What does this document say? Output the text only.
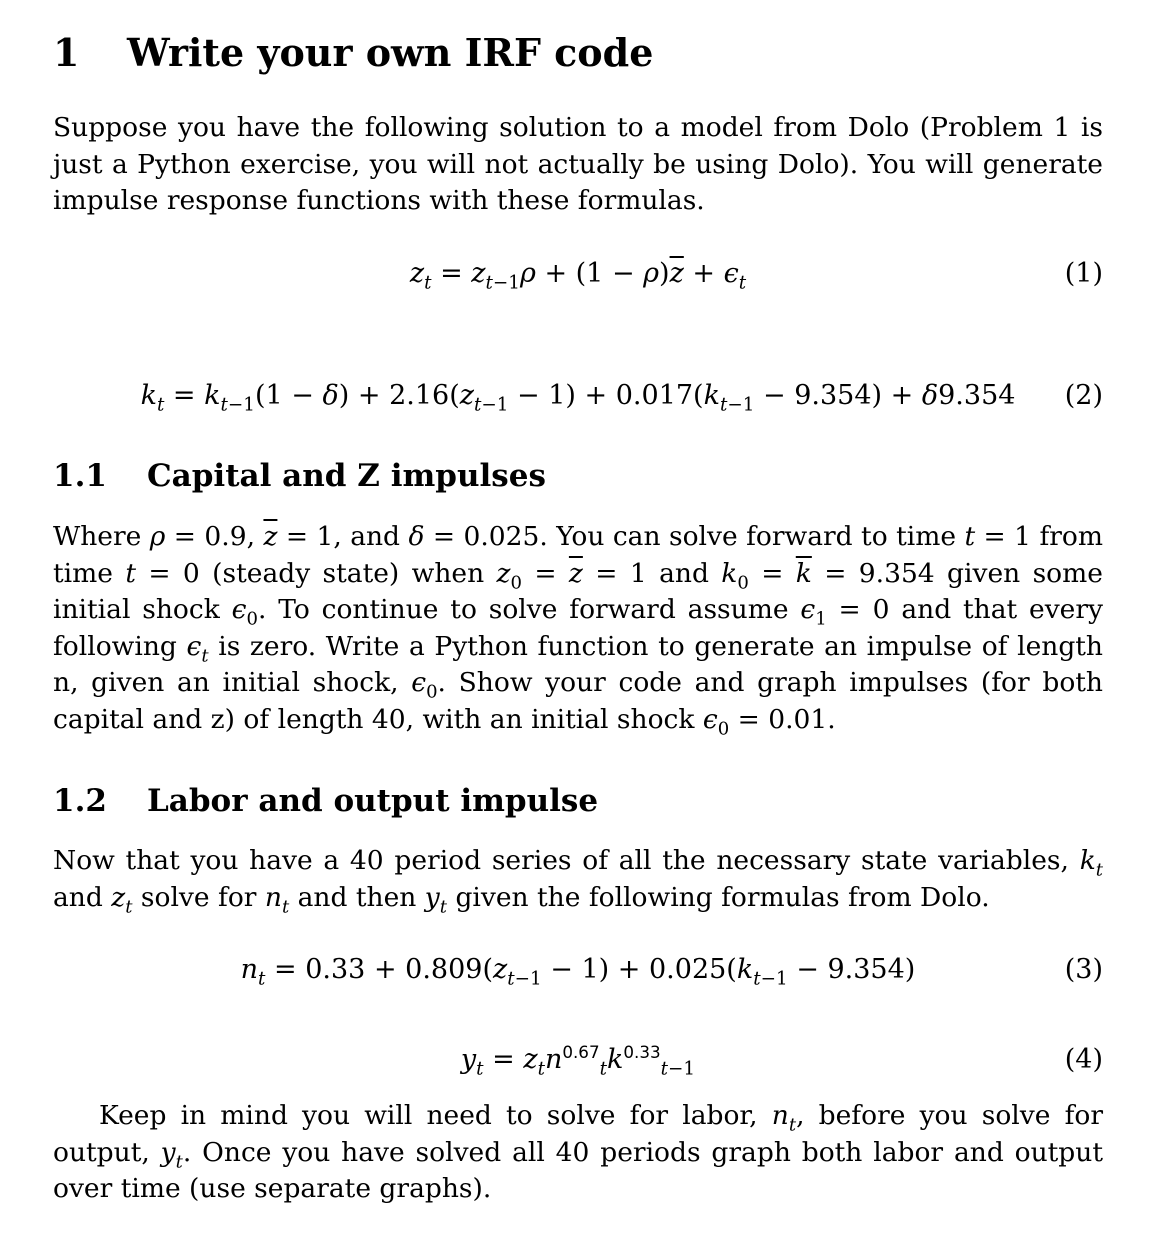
1 Write your own IRF code
Suppose you have the following solution to a model from Dolo (Problem 1 is just a Python exercise, you will not actually be using Dolo). You will generate impulse response functions with these formulas.
$z_t = z_{t-1}\rho + (1 - \rho)\overline{z} + \epsilon_t$	(1)
$k_t = k_{t-1}(1 - \delta) + 2.16(z_{t-1} - 1) + 0.017(k_{t-1} - 9.354) + \delta 9.354$	(2)
1.1 Capital and Z impulses
Where ρ = 0.9, $\overline{z} = 1$, and δ = 0.025. You can solve forward to time t = 1 from time t = 0 (steady state) when $z_0 = \overline{z} = 1$ and $k_0 = \overline{k} = 9.354$ given some initial shock $\epsilon_0$. To continue to solve forward assume $\epsilon_1 = 0$ and that every following $\epsilon_t$ is zero. Write a Python function to generate an impulse of length n, given an initial shock, $\epsilon_0$. Show your code and graph impulses (for both capital and z) of length 40, with an initial shock $\epsilon_0 = 0.01$.
1.2 Labor and output impulse
Now that you have a 40 period series of all the necessary state variables, $k_t$ and $z_t$ solve for $n_t$ and then $y_t$ given the following formulas from Dolo.
$n_t = 0.33 + 0.809(z_{t-1} - 1) + 0.025(k_{t-1} - 9.354)$	(3)
$y_t = z_tn^{0.67}_tk^{0.33}_{t-1}$	(4)
Keep in mind you will need to solve for labor, $n_t$, before you solve for output, $y_t$. Once you have solved all 40 periods graph both labor and output over time (use separate graphs).
